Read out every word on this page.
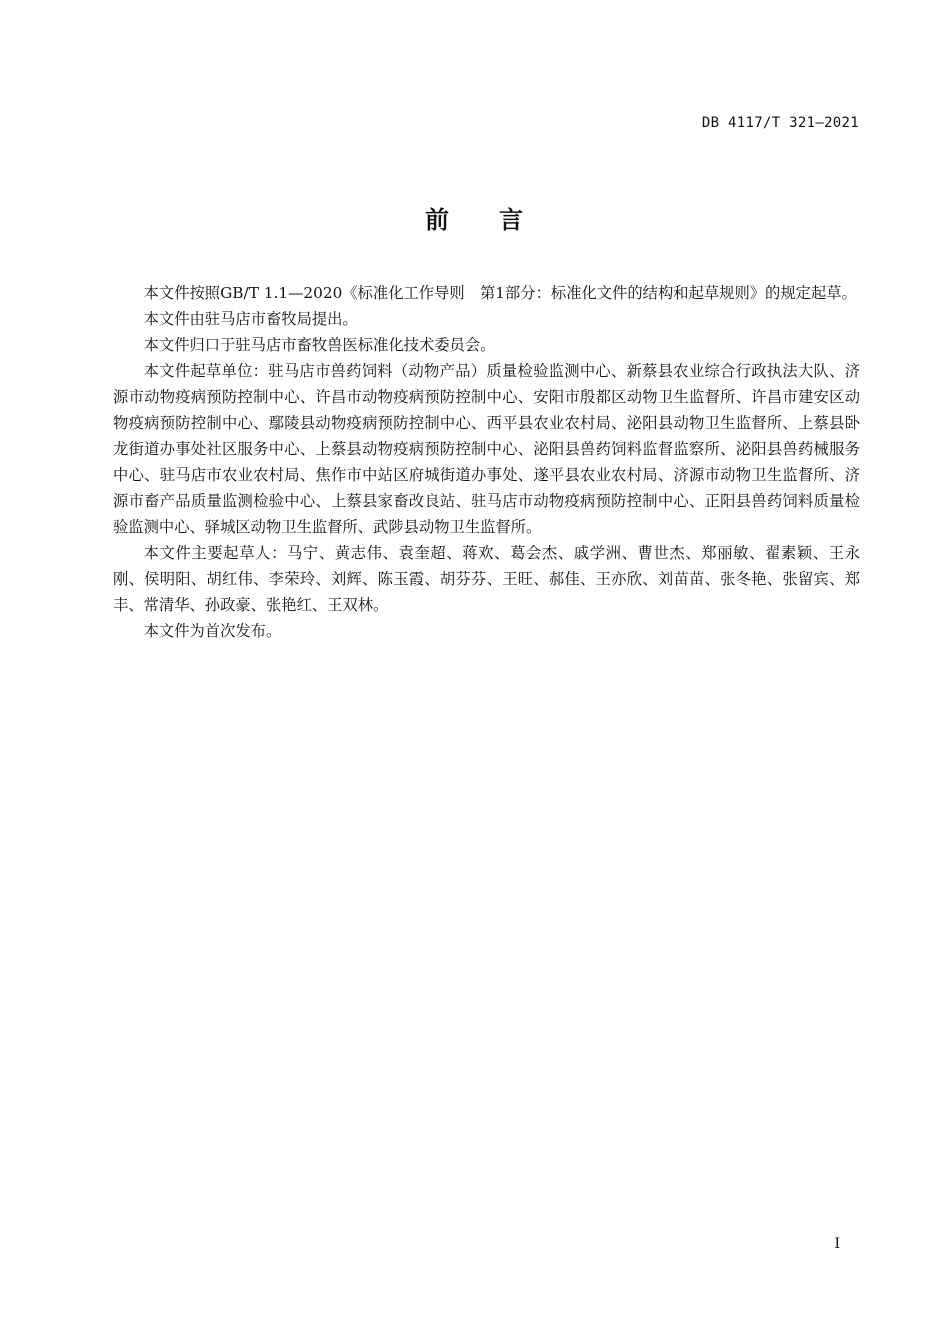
DB 4117/T 321—2021
前 言

本文件按照GB/T 1.1—2020《标准化工作导则　第1部分：标准化文件的结构和起草规则》的规定起草。

本文件由驻马店市畜牧局提出。

本文件归口于驻马店市畜牧兽医标准化技术委员会。

本文件起草单位：驻马店市兽药饲料（动物产品）质量检验监测中心、新蔡县农业综合行政执法大队、济源市动物疫病预防控制中心、许昌市动物疫病预防控制中心、安阳市殷都区动物卫生监督所、许昌市建安区动物疫病预防控制中心、鄢陵县动物疫病预防控制中心、西平县农业农村局、泌阳县动物卫生监督所、上蔡县卧龙街道办事处社区服务中心、上蔡县动物疫病预防控制中心、泌阳县兽药饲料监督监察所、泌阳县兽药械服务中心、驻马店市农业农村局、焦作市中站区府城街道办事处、遂平县农业农村局、济源市动物卫生监督所、济源市畜产品质量监测检验中心、上蔡县家畜改良站、驻马店市动物疫病预防控制中心、正阳县兽药饲料质量检验监测中心、驿城区动物卫生监督所、武陟县动物卫生监督所。

本文件主要起草人：马宁、黄志伟、袁奎超、蒋欢、葛会杰、戚学洲、曹世杰、郑丽敏、翟素颖、王永刚、侯明阳、胡红伟、李荣玲、刘辉、陈玉霞、胡芬芬、王旺、郝佳、王亦欣、刘苗苗、张冬艳、张留宾、郑丰、常清华、孙政豪、张艳红、王双林。

本文件为首次发布。

I
